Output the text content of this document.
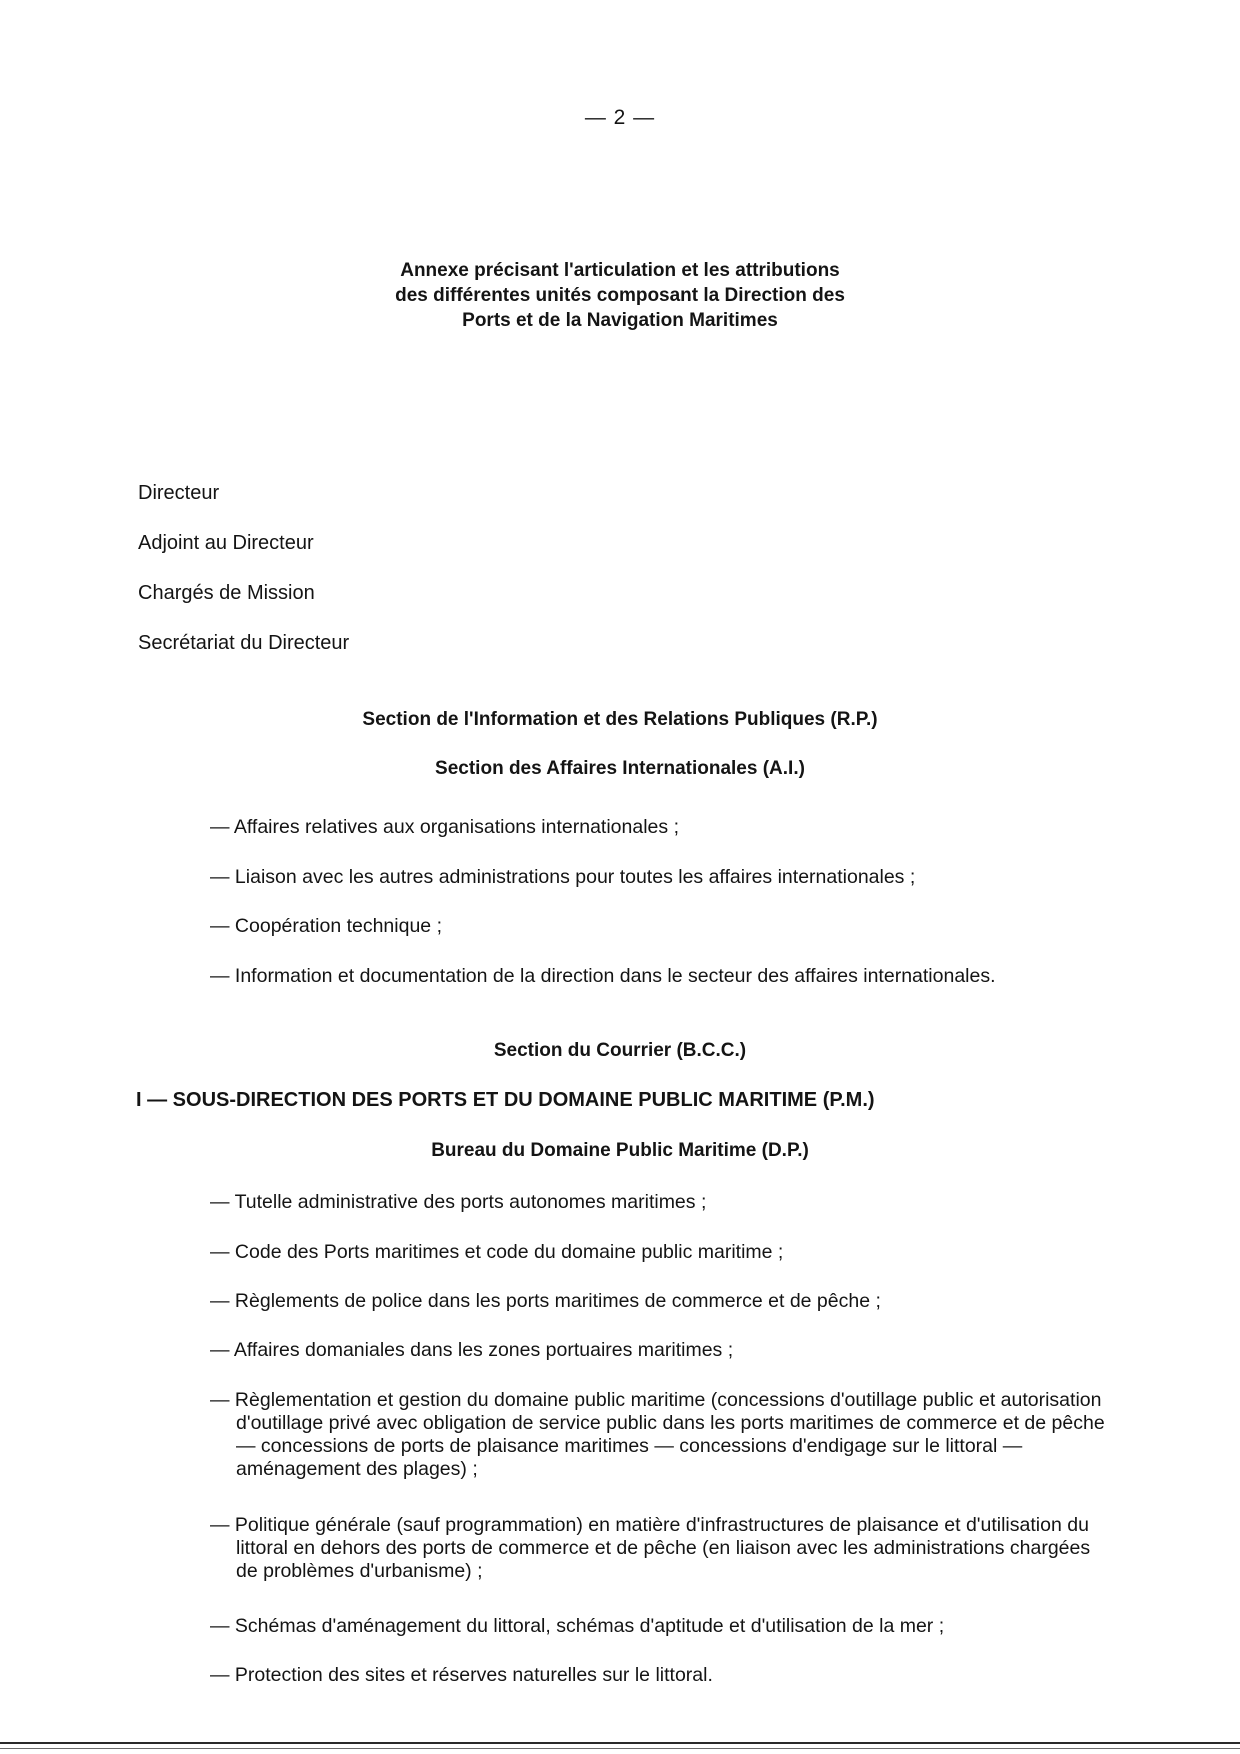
— 2 —
Annexe précisant l'articulation et les attributions
des différentes unités composant la Direction des
Ports et de la Navigation Maritimes
Directeur
Adjoint au Directeur
Chargés de Mission
Secrétariat du Directeur
Section de l'Information et des Relations Publiques (R.P.)
Section des Affaires Internationales (A.I.)
— Affaires relatives aux organisations internationales ;
— Liaison avec les autres administrations pour toutes les affaires internationales ;
— Coopération technique ;
— Information et documentation de la direction dans le secteur des affaires internationales.
Section du Courrier (B.C.C.)
I — SOUS-DIRECTION DES PORTS ET DU DOMAINE PUBLIC MARITIME (P.M.)
Bureau du Domaine Public Maritime (D.P.)
— Tutelle administrative des ports autonomes maritimes ;
— Code des Ports maritimes et code du domaine public maritime ;
— Règlements de police dans les ports maritimes de commerce et de pêche ;
— Affaires domaniales dans les zones portuaires maritimes ;
— Règlementation et gestion du domaine public maritime (concessions d'outillage public et autorisation d'outillage privé avec obligation de service public dans les ports maritimes de commerce et de pêche — concessions de ports de plaisance maritimes — concessions d'endigage sur le littoral — aménagement des plages) ;
— Politique générale (sauf programmation) en matière d'infrastructures de plaisance et d'utilisation du littoral en dehors des ports de commerce et de pêche (en liaison avec les administrations chargées de problèmes d'urbanisme) ;
— Schémas d'aménagement du littoral, schémas d'aptitude et d'utilisation de la mer ;
— Protection des sites et réserves naturelles sur le littoral.
